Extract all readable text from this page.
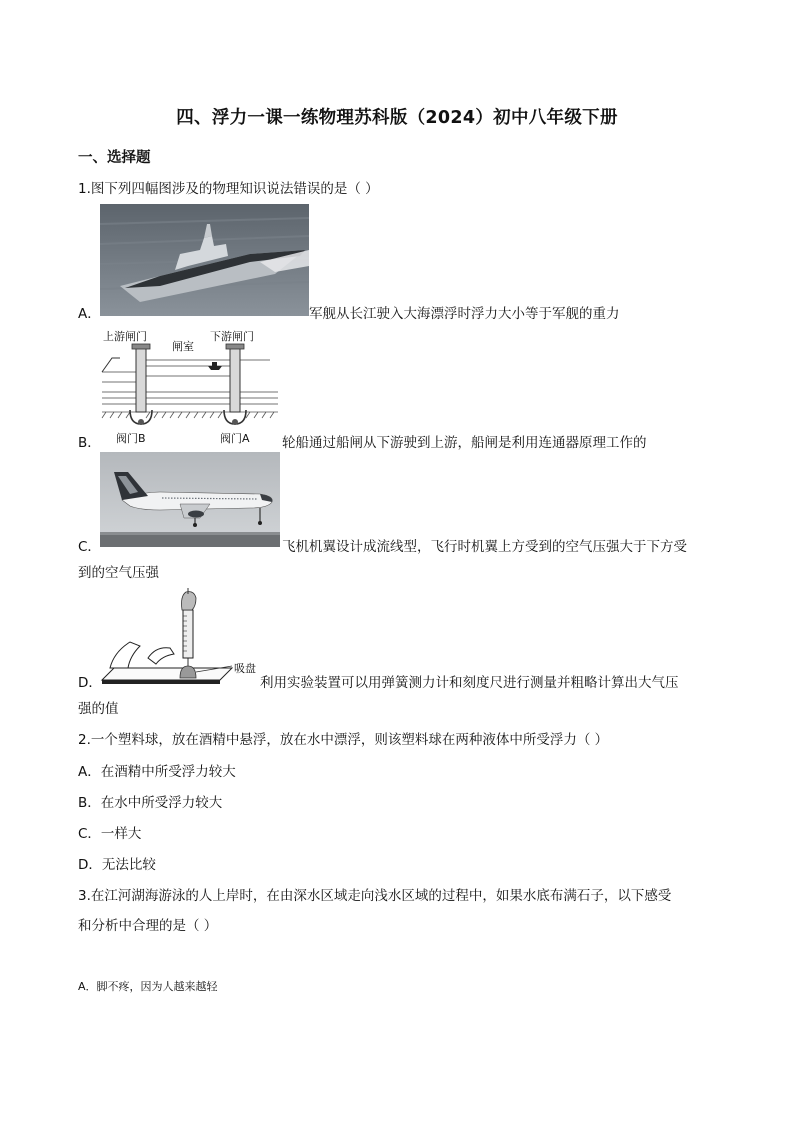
四、浮力一课一练物理苏科版（2024）初中八年级下册
一、选择题
1.图下列四幅图涉及的物理知识说法错误的是（ ）
A．	军舰从长江驶入大海漂浮时浮力大小等于军舰的重力
上游闸门
闸室
下游闸门
阀门B	阀门A
B．	轮船通过船闸从下游驶到上游，船闸是利用连通器原理工作的
C．	飞机机翼设计成流线型，飞行时机翼上方受到的空气压强大于下方受
到的空气压强
吸盘
D．	利用实验装置可以用弹簧测力计和刻度尺进行测量并粗略计算出大气压
强的值
2.一个塑料球，放在酒精中悬浮，放在水中漂浮，则该塑料球在两种液体中所受浮力（ ）
A．在酒精中所受浮力较大
B．在水中所受浮力较大
C．一样大
D．无法比较
3.在江河湖海游泳的人上岸时，在由深水区域走向浅水区域的过程中，如果水底布满石子，以下感受
和分析中合理的是（ ）
A．脚不疼，因为人越来越轻
